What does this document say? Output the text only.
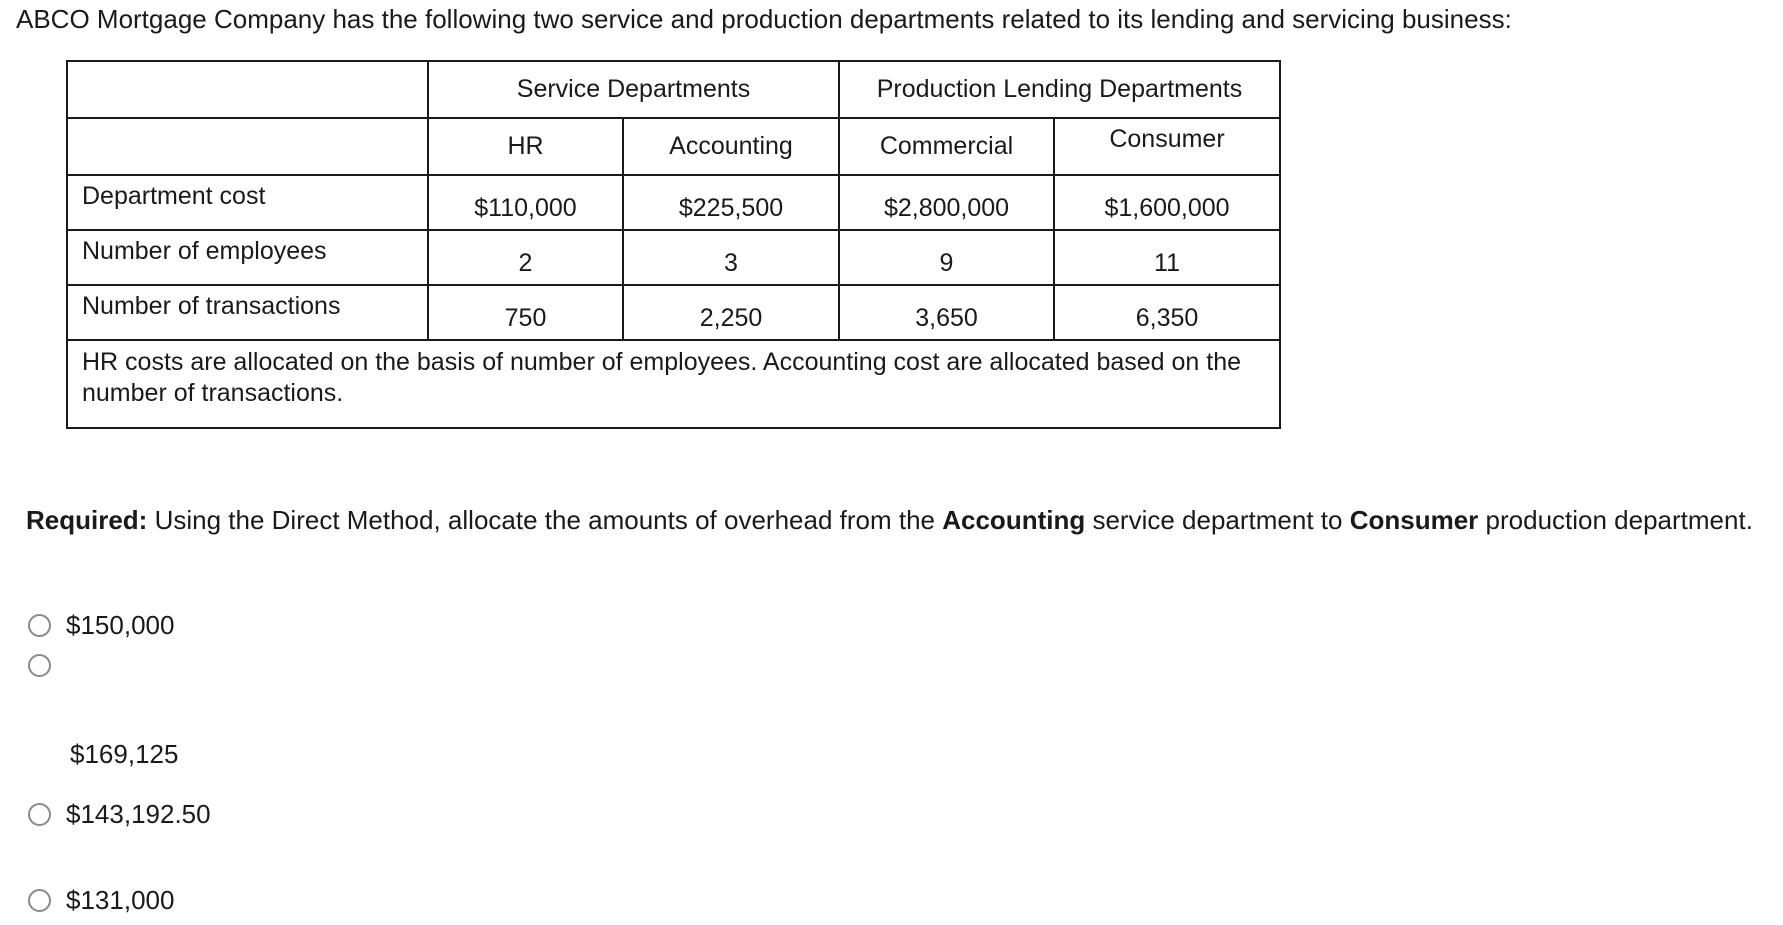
ABCO Mortgage Company has the following two service and production departments related to its lending and servicing business:
	Service Departments		Production Lending Departments	
	HR	Accounting	Commercial	Consumer
Department cost	$110,000	$225,500	$2,800,000	$1,600,000
Number of employees	2	3	9	11
Number of transactions	750	2,250	3,650	6,350
HR costs are allocated on the basis of number of employees. Accounting cost are allocated based on the number of transactions.				
Required: Using the Direct Method, allocate the amounts of overhead from the Accounting service department to Consumer production department.
$150,000
$169,125
$143,192.50
$131,000
